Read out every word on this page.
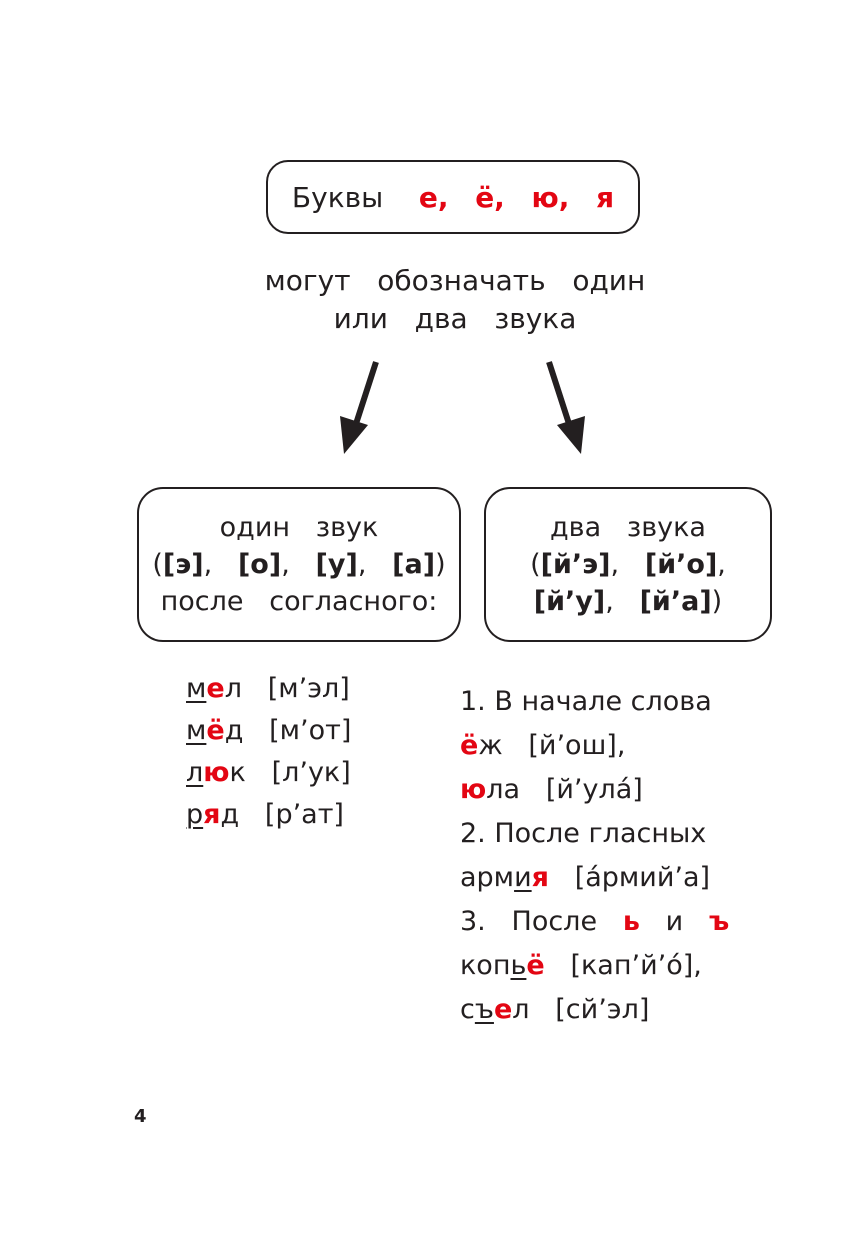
Буквы
е,
ё,
ю,
я
могут   обозначать   один
или   два   звука
один   звук
([э],   [о],   [у],   [а])
после   согласного:
два   звука
([й’э],   [й’о],
[й’у],   [й’а])
мел [м’эл]
мёд [м’от]
люк [л’ук]
ряд [р’ат]
1. В начале слова
ёж [й’ош],
юла [й’улá]
2. После гласных
армия [áрмий’а]
3. После ь и ъ
копьё [кап’й’ó],
съел [сй’эл]
4
